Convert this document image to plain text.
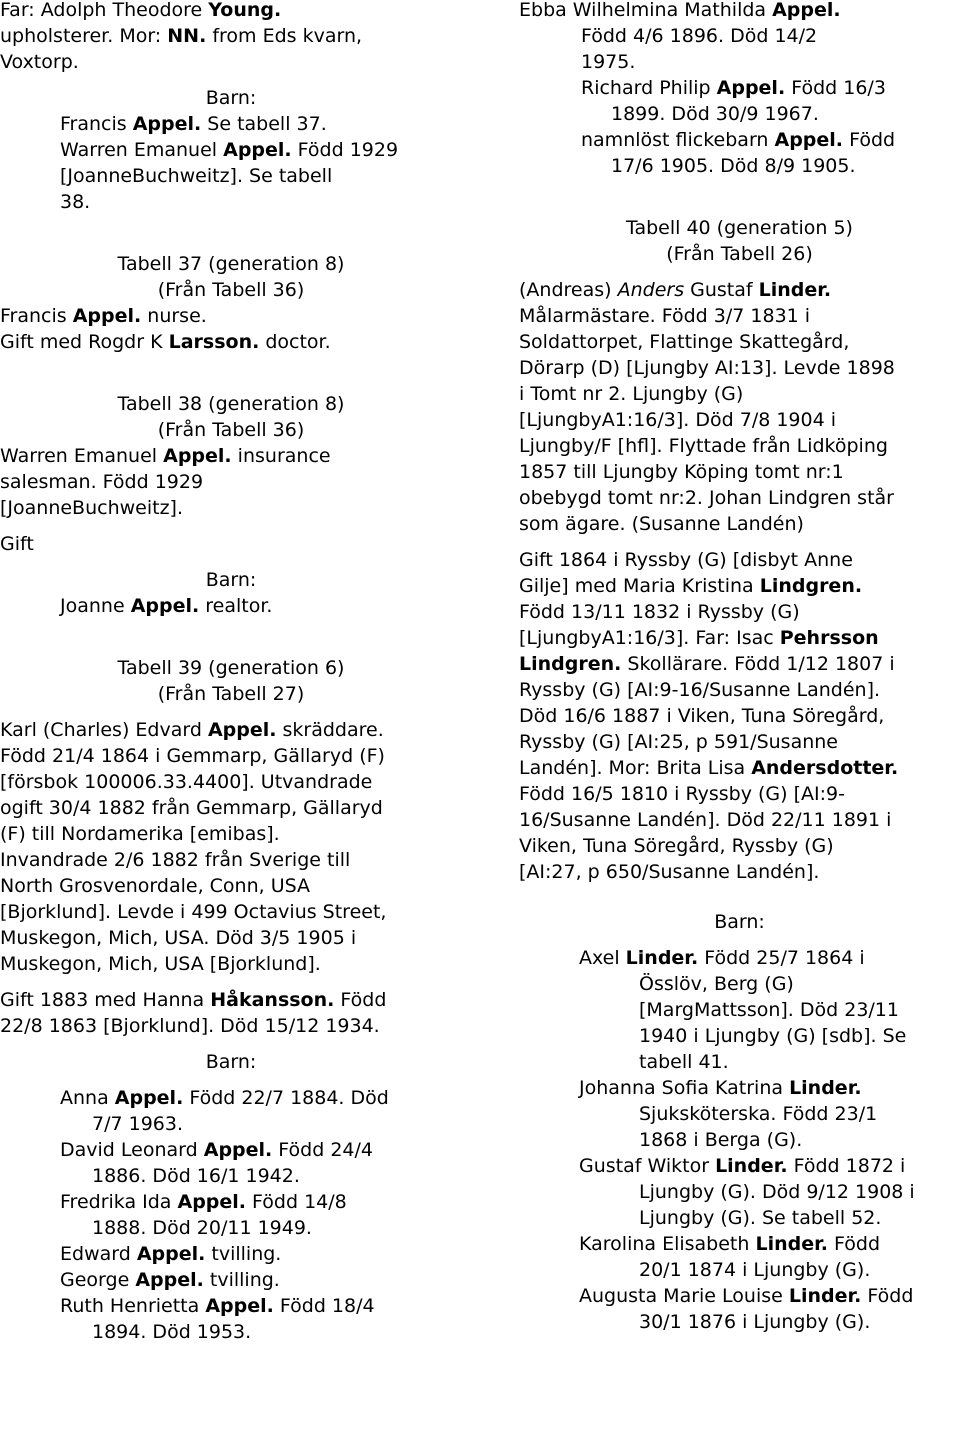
Far: Adolph Theodore Young.

upholsterer. Mor: NN. from Eds kvarn,

Voxtorp.

Barn:

Francis Appel. Se tabell 37.

Warren Emanuel Appel. Född 1929

[JoanneBuchweitz]. Se tabell

38.

Tabell 37 (generation 8)

(Från Tabell 36)

Francis Appel. nurse.

Gift med Rogdr K Larsson. doctor.

Tabell 38 (generation 8)

(Från Tabell 36)

Warren Emanuel Appel. insurance

salesman. Född 1929

[JoanneBuchweitz].

Gift

Barn:

Joanne Appel. realtor.

Tabell 39 (generation 6)

(Från Tabell 27)

Karl (Charles) Edvard Appel. skräddare.

Född 21/4 1864 i Gemmarp, Gällaryd (F)

[försbok 100006.33.4400]. Utvandrade

ogift 30/4 1882 från Gemmarp, Gällaryd

(F) till Nordamerika [emibas].

Invandrade 2/6 1882 från Sverige till

North Grosvenordale, Conn, USA

[Bjorklund]. Levde i 499 Octavius Street,

Muskegon, Mich, USA. Död 3/5 1905 i

Muskegon, Mich, USA [Bjorklund].

Gift 1883 med Hanna Håkansson. Född

22/8 1863 [Bjorklund]. Död 15/12 1934.

Barn:

Anna Appel. Född 22/7 1884. Död

7/7 1963.

David Leonard Appel. Född 24/4

1886. Död 16/1 1942.

Fredrika Ida Appel. Född 14/8

1888. Död 20/11 1949.

Edward Appel. tvilling.

George Appel. tvilling.

Ruth Henrietta Appel. Född 18/4

1894. Död 1953.

Ebba Wilhelmina Mathilda Appel.

Född 4/6 1896. Död 14/2

1975.

Richard Philip Appel. Född 16/3

1899. Död 30/9 1967.

namnlöst flickebarn Appel. Född

17/6 1905. Död 8/9 1905.

Tabell 40 (generation 5)

(Från Tabell 26)

(Andreas) Anders Gustaf Linder.

Målarmästare. Född 3/7 1831 i

Soldattorpet, Flattinge Skattegård,

Dörarp (D) [Ljungby AI:13]. Levde 1898

i Tomt nr 2. Ljungby (G)

[LjungbyA1:16/3]. Död 7/8 1904 i

Ljungby/F [hfl]. Flyttade från Lidköping

1857 till Ljungby Köping tomt nr:1

obebygd tomt nr:2. Johan Lindgren står

som ägare. (Susanne Landén)

Gift 1864 i Ryssby (G) [disbyt Anne

Gilje] med Maria Kristina Lindgren.

Född 13/11 1832 i Ryssby (G)

[LjungbyA1:16/3]. Far: Isac Pehrsson

Lindgren. Skollärare. Född 1/12 1807 i

Ryssby (G) [AI:9-16/Susanne Landén].

Död 16/6 1887 i Viken, Tuna Söregård,

Ryssby (G) [AI:25, p 591/Susanne

Landén]. Mor: Brita Lisa Andersdotter.

Född 16/5 1810 i Ryssby (G) [AI:9-

16/Susanne Landén]. Död 22/11 1891 i

Viken, Tuna Söregård, Ryssby (G)

[AI:27, p 650/Susanne Landén].

Barn:

Axel Linder. Född 25/7 1864 i

Össlöv, Berg (G)

[MargMattsson]. Död 23/11

1940 i Ljungby (G) [sdb]. Se

tabell 41.

Johanna Sofia Katrina Linder.

Sjuksköterska. Född 23/1

1868 i Berga (G).

Gustaf Wiktor Linder. Född 1872 i

Ljungby (G). Död 9/12 1908 i

Ljungby (G). Se tabell 52.

Karolina Elisabeth Linder. Född

20/1 1874 i Ljungby (G).

Augusta Marie Louise Linder. Född

30/1 1876 i Ljungby (G).
